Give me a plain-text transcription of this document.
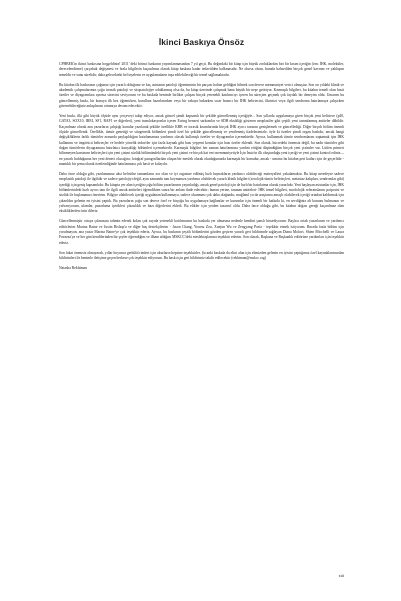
İkinci Baskıya Önsöz

CPHBEK'in ikinci baskısına hoşgeldiniz! 2011' deki birinci baskının yayımlanmasından 7 yıl geçti. Bu değindaki bir kitap için büyük zorluklardan biri bir kısım içeriğin (örn. İHK, moleküler, derecelendirme) çarçabuk değişmesi ve hızla bilgilerin kaçınılmaz olarak kitap baskına kadar tedavülden kalkmasıdır. Ne olursa olsun, burada bahsedilen birçok genel kavram ve yaklaşım temeldir ve sonu sürelidir, daha gelecekteki bel teşelerin ve uygulamaların inşa edilebileceği bir temel sağlamaktadır.

Bu kitabın ilk baskısının çoğunuz için yararlı olduğunu ve kaç asistanın patoloji öğreniminin bir parçası haline geldiğini bilmek son derece memnuniyet verici olmuştur. Son on yıldaki klinik ve akademik çalışmalarımın çoğu torasik patoloji ve sitopatolojiye odaklanmış olsa da, bu kitap üzerinde çalışmak bana büyük bir neşe getiriyor. Karmaşık bilgileri, bu kitabın temeli olan basit özetler ve diyagramlara ayırma sürecini seviyorum ve bu baskıda benimle birlikte çalışan birçok yetenekli katılımcıyı içeren bu süreçten geçmek çok faydalı bir deneyim oldu. Umarım bu güncellenmiş baskı, bir konuya ilk kez öğrenirken, kurullara hazırlanırken veya bir vakaya bakarken sıcar bouncı bir İHK belirtecini, fikrinizi veya ilgili sendroma hatırlamaya çalışırken güvenebileceğiniz anlaşılması ortamıya devam edecektir.

Yeni baskı, ilki gibi büyük ölçüde aynı çerçeveyi takip ediyor, ancak güncel şimdi kapsamlı bir şekilde güncellenmiş içeriğiyle... Son yıllarda uygulamaya giren birçok yeni belirtece (p40, GATA3, SOX10, IRF4, SF1, BAP1 ve diğerleri), yeni translokasyonlar içeren Ewing benzeri sarkomlar ve SDH eksikliği gösteren neoplaziler gibi çeşitli yeni tanımlanmış antiteler dâhildir. Kaçınılmaz olarak ana yazarların çalıştığı konular yazılarak şekilde özellikle KBB ve torasik kısımlarında birçok İHK ayrıcı tanısını genişletmek ve güncellediği. Diğer birçok bölüm önemli ölçüde güncellendi. Özellikle, tümör genetiği ve sitogenetik bölümleri şimdi özel bir şekilde güncellenmiş ve yenilenmiş ifadelerimizle, öyle ki özetler şimdi organ bazlıdır, ancak hangi değişikliklerin farklı tümörler arasında paylaşıldığını hatırlamanıza yardımcı olacak kullanışlı özetler ve diyagramlar içermektedir. Ayrıca, kullanmak tümör sendromlarını saptamak için İHK kullanımı ve öngörücü belirteçler ve hedefe yönelik tedaviler için fazla kaynak gibi bazı yepyeni konular için bazı özeler eklendi. Son olarak, hücredeki önemsiz değil, bu nadir tümörler gibi doğan tümörlerin diyagramına hatırlatıcı karışıklığı bölümleri içermektedir. Karmaşık bilgileri her zaman hatırlanması yardım ettiğini düşündüğüm birçok yeni çizimler var. Lütfen primeri bilinmeyen karsinom belirteçleri için yeni çizimi sözlük bölümündeki birçok yeni çizimi ve birçok kat veri memnuniyetiyle İçin İnsiz'ın ilk oluşturduğu yeni içeriği ve yeni çizimi kontrol ediniz— en yararlı bulduğunuz her yeni deneci olacağını; fotoğraf paragraflardan oluşan bir meslek olarak okuduğunuzda karmaşık bir konudur, ancak - umarız bu kitabın peri katları için de geçerlidir - mantıklı bir şema olarak özetlendiğinde hatırlanması çok basit ve kolaydır.

Daha önce olduğu gibi, yazılamamız aksi belirtilse tamamlanır zor olan ve iyi organize edilmiş hızlı kaynakların yardımcı olabileceği materyalleri yakalamaktır. Bu kitap neredeyse sadece neoplastik patoloji ile ilgilidir ve sadece patolojiyi değil, aynı zamanda tanı koymanıza yardımcı olabilecek yararlı klinik bilgileri (serolojik tümör belirteçleri, metastaz kalıpları, sendromlar gibi) içerdiği için geniş kapsamlıdır. Bu kitapta yer alan içeriğin çoğu bölüm yazarlarının yayınladığı, ancak genel patoloji için de hızlı bir hatırlatma olarak yararlıdır. Yeni başlayan asistanlar için, İHK bölümlerindeki hızlı ayrıcı tanı ile ilgili ancak antiteleri öğrendikten sonra bir anlam ifade edecektir; bunun yerine, tanınan antiteleri- İHK temel bilgileri, morfolojik referanslarını potporisi ve sözlük ile başlamanızı öneririm. Bilgiye olabilecek içeriği uygulanan kullanmaya, sadece okunması çok daha olağandır, muğlanıl ya da araştırma amaçlı olabilecek içeriği ortadan kaldırmak için çıkarıldın gelenin en iyisini yaptık. Bu yazarların çoğu son derece özel ve birçoğu bu uygulamaya bağlanılar ve kurumlar için önemli bir katkıda ki, en sevdiğiniz alt konuzu bulmanızı ve yalvarıyorum, ulamlar, pazarlama içerikleri çıkarıldık ve bazı diğerlerini ekledi. Bu elikler için yerden tasarruf oldu. Daha önce olduğu gibi, bu kitabın doğası gereği kaçınılmaz olan eksikliklerden özür dileriz.

Güncellenmiştir ortaya çıkmasını tahmin ederek kolan çok sayıda yetenekli katılımcının bu baskıda yer almasına nedenle kendini şanslı hissediyorum. Başlıca ortak yazarlarım ve yardımcı editörlerim Marina Baine ve Justin Bishop'a ve diğer baş destekçilerim - Jason Chang, Yoursu Zou, Xuejun Wu ve Zengyang Pan'a - teşekkür etmek istiyorum. Burada fazla bölüm için yorulmayan, ana yazar Marina Baine'ye çok teşekkür ederiz. Ayrıca, bu baskının çeşitli bölümlerini gözden geçiren yararlı geri bildirimde sağlayan Diana Molavi, Shien Micchelli ve Laura Favazza'ya ve her gün kendilerinden bir şeyler öğrendiğim ve ilham aldığım MSKCC'deki meslektaşlarıma teşekkür ederim. Son olarak, Başkana ve Başkanlık editörüne yardımları için teşekkür ederiz.

Son fakat önemsiz olmayarak, yıllar boyunca gerbilid rimleri için okurların hepsine teşekkürler. Şu anki baskıda da elini alan için elimizden gelenin en iyisini yaptığımız özel kaynaklarımızdan bildirimleri ile benimle iletişime geçen herkese çok teşekkür ediyorum. Bu baskı için geri bildirimiz takdir edilecektir (rekhtman@mskcc.org)

Natasha Rekhtman

xiii
